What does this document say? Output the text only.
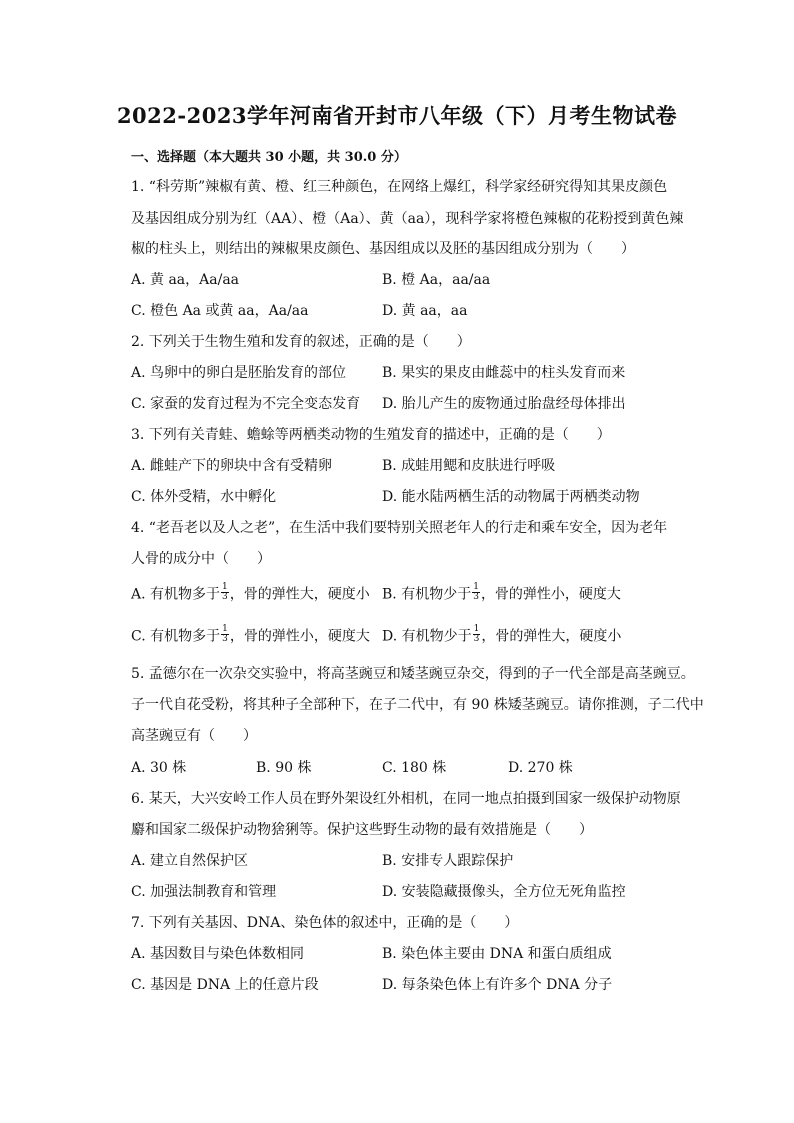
2022-2023学年河南省开封市八年级（下）月考生物试卷
一、选择题（本大题共 30 小题，共 30.0 分）
1. “科劳斯”辣椒有黄、橙、红三种颜色，在网络上爆红，科学家经研究得知其果皮颜色
及基因组成分别为红（AA）、橙（Aa）、黄（aa），现科学家将橙色辣椒的花粉授到黄色辣
椒的柱头上，则结出的辣椒果皮颜色、基因组成以及胚的基因组成分别为（　　）
A. 黄 aa，Aa/aa	B. 橙 Aa，aa/aa
C. 橙色 Aa 或黄 aa，Aa/aa	D. 黄 aa，aa
2. 下列关于生物生殖和发育的叙述，正确的是（　　）
A. 鸟卵中的卵白是胚胎发育的部位	B. 果实的果皮由雌蕊中的柱头发育而来
C. 家蚕的发育过程为不完全变态发育 D. 胎儿产生的废物通过胎盘经母体排出
3. 下列有关青蛙、蟾蜍等两栖类动物的生殖发育的描述中，正确的是（　　）
A. 雌蛙产下的卵块中含有受精卵	B. 成蛙用鳃和皮肤进行呼吸
C. 体外受精，水中孵化	D. 能水陆两栖生活的动物属于两栖类动物
4. “老吾老以及人之老”，在生活中我们要特别关照老年人的行走和乘车安全，因为老年
人骨的成分中（　　）
A. 有机物多于 $\frac{1}{3}$ ，骨的弹性大，硬度小 B. 有机物少于 $\frac{1}{3}$ ，骨的弹性小，硬度大
C. 有机物多于 $\frac{1}{3}$ ，骨的弹性小，硬度大 D. 有机物少于 $\frac{1}{3}$ ，骨的弹性大，硬度小
5. 孟德尔在一次杂交实验中，将高茎豌豆和矮茎豌豆杂交，得到的子一代全部是高茎豌豆。
子一代自花受粉，将其种子全部种下，在子二代中，有 90 株矮茎豌豆。请你推测，子二代中
高茎豌豆有（　　）
A. 30 株	B. 90 株	C. 180 株	D. 270 株
6. 某天，大兴安岭工作人员在野外架设红外相机，在同一地点拍摄到国家一级保护动物原
麝和国家二级保护动物猞猁等。保护这些野生动物的最有效措施是（　　）
A. 建立自然保护区	B. 安排专人跟踪保护
C. 加强法制教育和管理	D. 安装隐藏摄像头，全方位无死角监控
7. 下列有关基因、DNA、染色体的叙述中，正确的是（　　）
A. 基因数目与染色体数相同	B. 染色体主要由 DNA 和蛋白质组成
C. 基因是 DNA 上的任意片段	D. 每条染色体上有许多个 DNA 分子
